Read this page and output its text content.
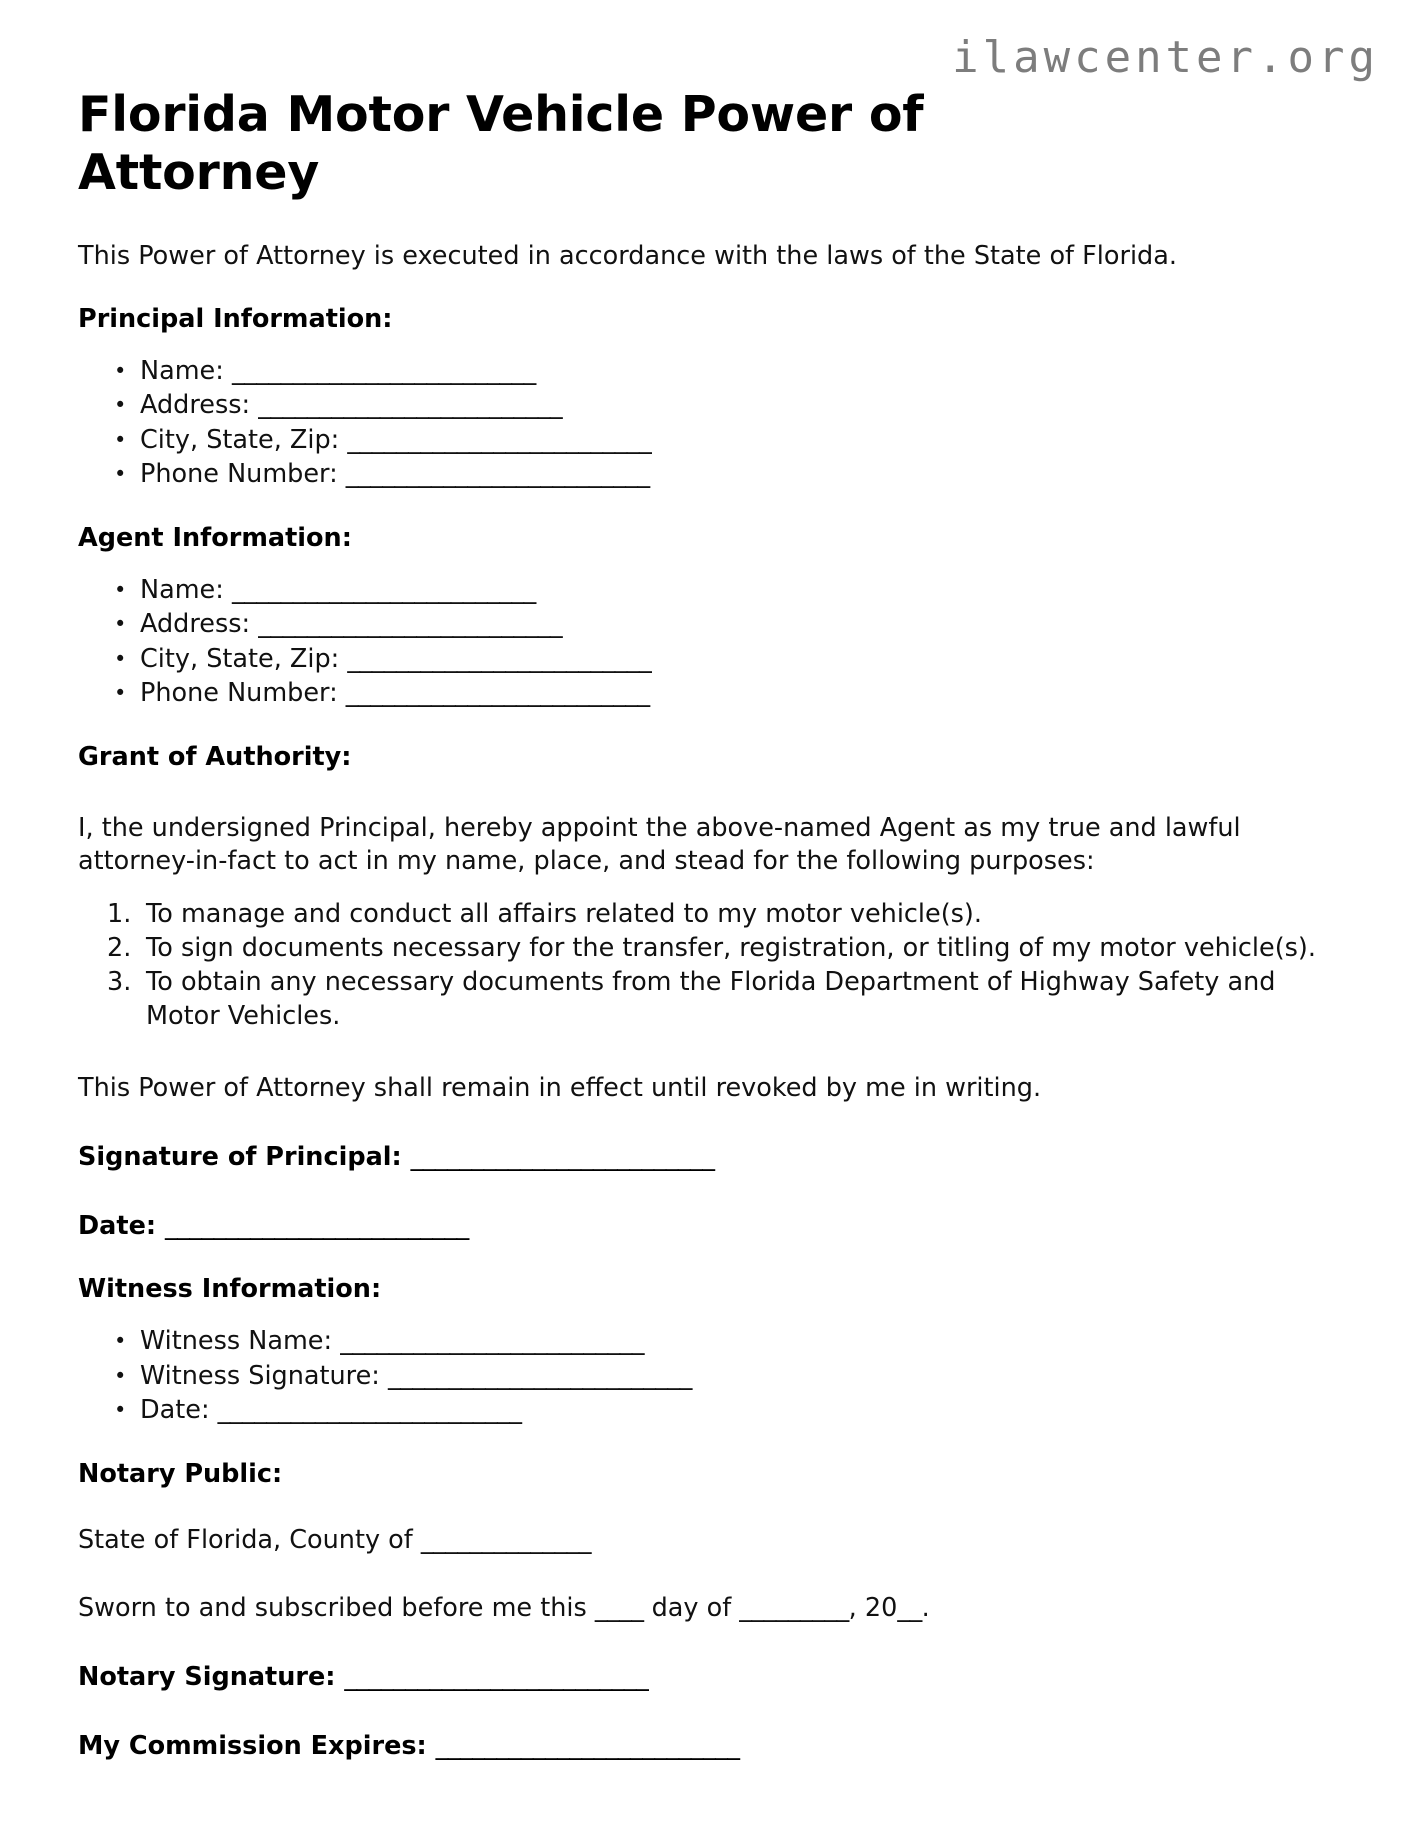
ilawcenter.org
Florida Motor Vehicle Power of Attorney

This Power of Attorney is executed in accordance with the laws of the State of Florida.

Principal Information:
• Name: _________________________
• Address: _________________________
• City, State, Zip: _________________________
• Phone Number: _________________________
Agent Information:
• Name: _________________________
• Address: _________________________
• City, State, Zip: _________________________
• Phone Number: _________________________
Grant of Authority:

I, the undersigned Principal, hereby appoint the above-named Agent as my true and lawful attorney-in-fact to act in my name, place, and stead for the following purposes:

To manage and conduct all affairs related to my motor vehicle(s).
To sign documents necessary for the transfer, registration, or titling of my motor vehicle(s).
To obtain any necessary documents from the Florida Department of Highway Safety and Motor Vehicles.

This Power of Attorney shall remain in effect until revoked by me in writing.

Signature of Principal: _________________________

Date: _________________________

Witness Information:
• Witness Name: _________________________
• Witness Signature: _________________________
• Date: _________________________
Notary Public:

State of Florida, County of ______________

Sworn to and subscribed before me this ____ day of _________, 20__.

Notary Signature: _________________________

My Commission Expires: _________________________
